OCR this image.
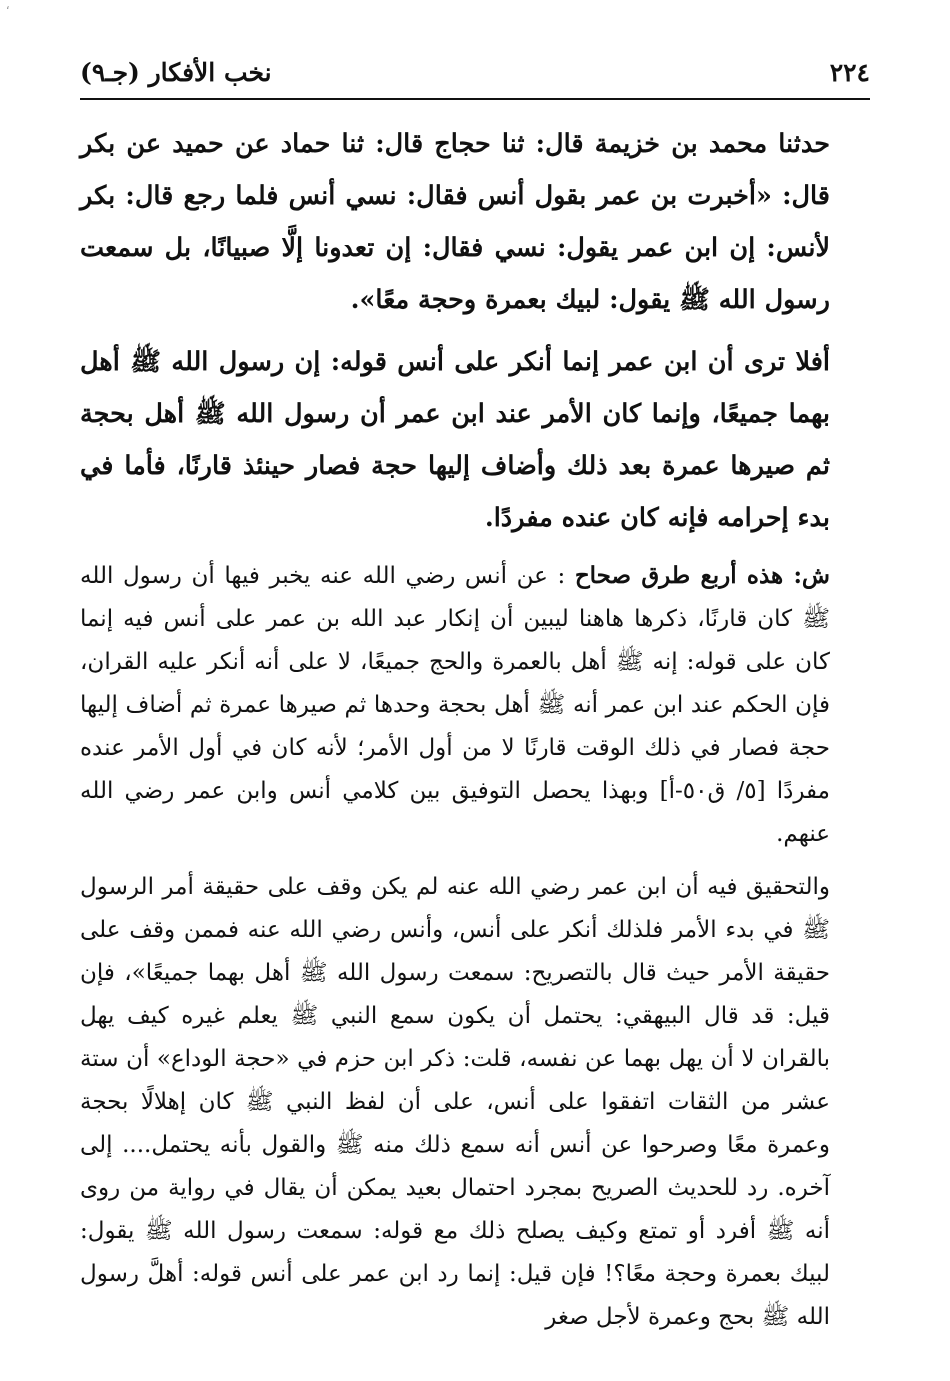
‘
٢٢٤
نخب الأفكار (جـ٩)

حدثنا محمد بن خزيمة قال: ثنا حجاج قال: ثنا حماد عن حميد عن بكر قال: «أخبرت بن عمر بقول أنس فقال: نسي أنس فلما رجع قال: بكر لأنس: إن ابن عمر يقول: نسي فقال: إن تعدونا إلَّا صبيانًا، بل سمعت رسول الله ﷺ يقول: لبيك بعمرة وحجة معًا».

أفلا ترى أن ابن عمر إنما أنكر على أنس قوله: إن رسول الله ﷺ أهل بهما جميعًا، وإنما كان الأمر عند ابن عمر أن رسول الله ﷺ أهل بحجة ثم صيرها عمرة بعد ذلك وأضاف إليها حجة فصار حينئذ قارنًا، فأما في بدء إحرامه فإنه كان عنده مفردًا.

ش: هذه أربع طرق صحاح : عن أنس رضي الله عنه يخبر فيها أن رسول الله ﷺ كان قارنًا، ذكرها هاهنا ليبين أن إنكار عبد الله بن عمر على أنس فيه إنما كان على قوله: إنه ﷺ أهل بالعمرة والحج جميعًا، لا على أنه أنكر عليه القران، فإن الحكم عند ابن عمر أنه ﷺ أهل بحجة وحدها ثم صيرها عمرة ثم أضاف إليها حجة فصار في ذلك الوقت قارنًا لا من أول الأمر؛ لأنه كان في أول الأمر عنده مفردًا [٥/ ق٥٠-أ] وبهذا يحصل التوفيق بين كلامي أنس وابن عمر رضي الله عنهم.

والتحقيق فيه أن ابن عمر رضي الله عنه لم يكن وقف على حقيقة أمر الرسول ﷺ في بدء الأمر فلذلك أنكر على أنس، وأنس رضي الله عنه فممن وقف على حقيقة الأمر حيث قال بالتصريح: سمعت رسول الله ﷺ أهل بهما جميعًا»، فإن قيل: قد قال البيهقي: يحتمل أن يكون سمع النبي ﷺ يعلم غيره كيف يهل بالقران لا أن يهل بهما عن نفسه، قلت: ذكر ابن حزم في «حجة الوداع» أن ستة عشر من الثقات اتفقوا على أنس، على أن لفظ النبي ﷺ كان إهلالًا بحجة وعمرة معًا وصرحوا عن أنس أنه سمع ذلك منه ﷺ والقول بأنه يحتمل.... إلى آخره. رد للحديث الصريح بمجرد احتمال بعيد يمكن أن يقال في رواية من روى أنه ﷺ أفرد أو تمتع وكيف يصلح ذلك مع قوله: سمعت رسول الله ﷺ يقول: لبيك بعمرة وحجة معًا؟! فإن قيل: إنما رد ابن عمر على أنس قوله: أهلَّ رسول الله ﷺ بحج وعمرة لأجل صغر
